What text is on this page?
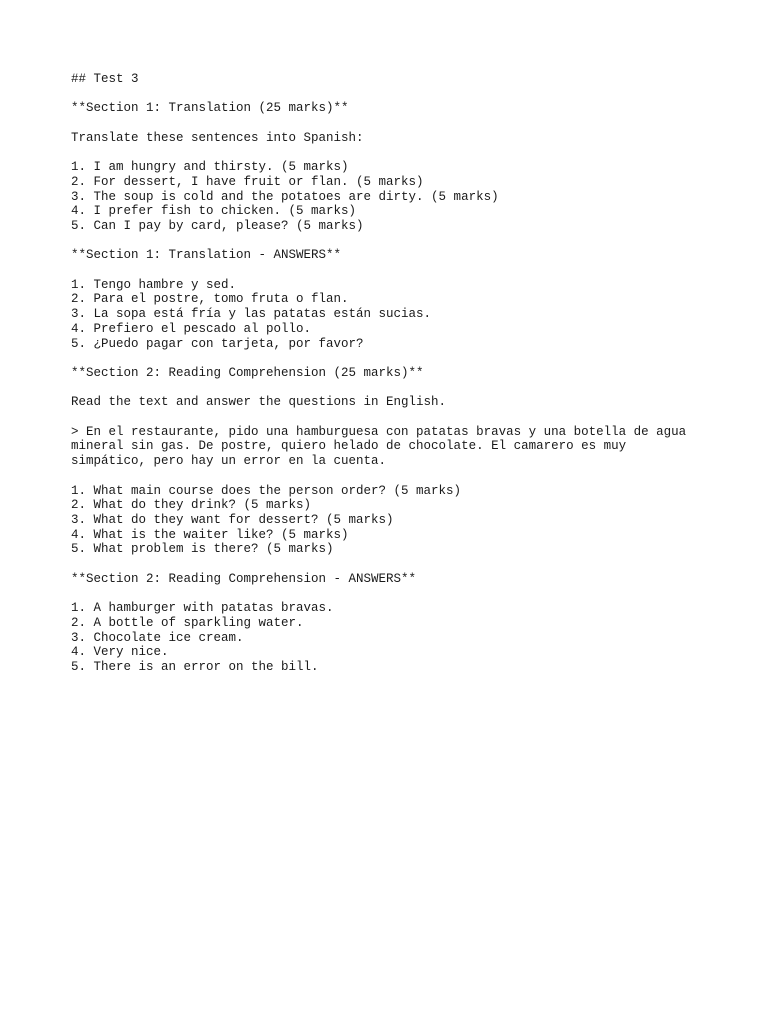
## Test 3
**Section 1: Translation (25 marks)**
Translate these sentences into Spanish:
1. I am hungry and thirsty. (5 marks)
2. For dessert, I have fruit or flan. (5 marks)
3. The soup is cold and the potatoes are dirty. (5 marks)
4. I prefer fish to chicken. (5 marks)
5. Can I pay by card, please? (5 marks)
**Section 1: Translation - ANSWERS**
1. Tengo hambre y sed.
2. Para el postre, tomo fruta o flan.
3. La sopa está fría y las patatas están sucias.
4. Prefiero el pescado al pollo.
5. ¿Puedo pagar con tarjeta, por favor?
**Section 2: Reading Comprehension (25 marks)**
Read the text and answer the questions in English.
> En el restaurante, pido una hamburguesa con patatas bravas y una botella de agua
mineral sin gas. De postre, quiero helado de chocolate. El camarero es muy
simpático, pero hay un error en la cuenta.
1. What main course does the person order? (5 marks)
2. What do they drink? (5 marks)
3. What do they want for dessert? (5 marks)
4. What is the waiter like? (5 marks)
5. What problem is there? (5 marks)
**Section 2: Reading Comprehension - ANSWERS**
1. A hamburger with patatas bravas.
2. A bottle of sparkling water.
3. Chocolate ice cream.
4. Very nice.
5. There is an error on the bill.
